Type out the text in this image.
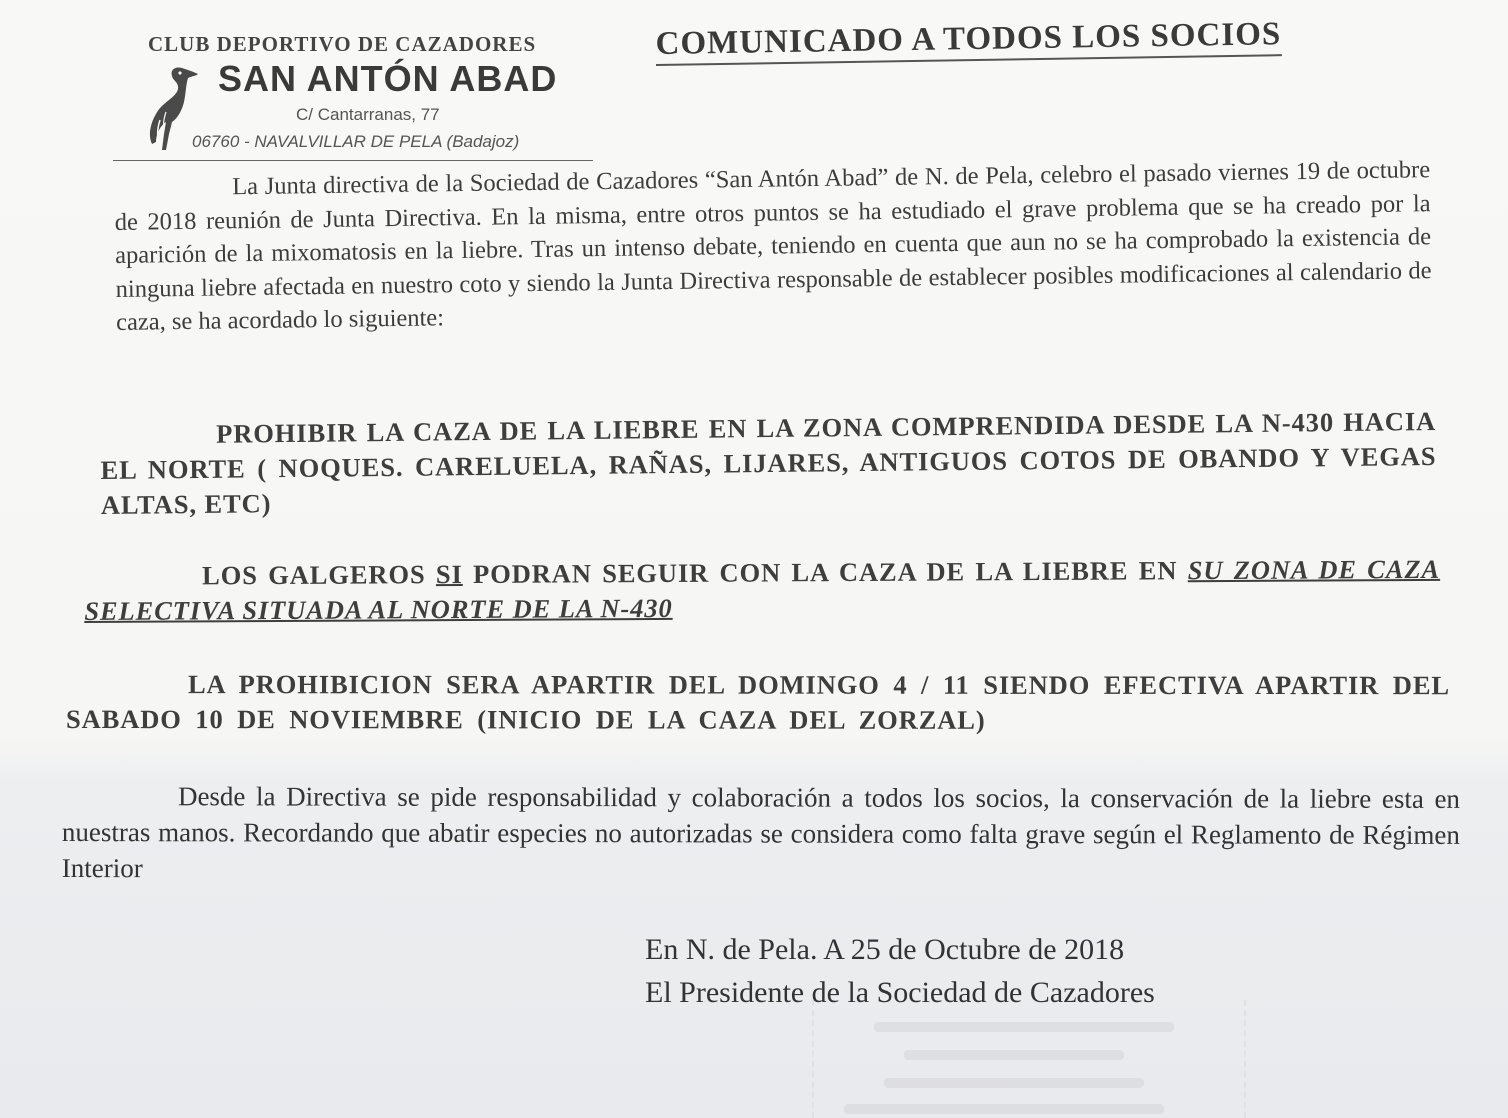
CLUB DEPORTIVO DE CAZADORES
SAN ANTÓN ABAD
C/ Cantarranas, 77
06760 - NAVALVILLAR DE PELA (Badajoz)
COMUNICADO A TODOS LOS SOCIOS
La Junta directiva de la Sociedad de Cazadores “San Antón Abad” de N. de Pela, celebro el pasado viernes 19 de octubre de 2018 reunión de Junta Directiva. En la misma, entre otros puntos se ha estudiado el grave problema que se ha creado por la aparición de la mixomatosis en la liebre. Tras un intenso debate, teniendo en cuenta que aun no se ha comprobado la existencia de ninguna liebre afectada en nuestro coto y siendo la Junta Directiva responsable de establecer posibles modificaciones al calendario de caza, se ha acordado lo siguiente:
PROHIBIR LA CAZA DE LA LIEBRE EN LA ZONA COMPRENDIDA DESDE LA N-430 HACIA EL NORTE ( NOQUES. CARELUELA, RAÑAS, LIJARES, ANTIGUOS COTOS DE OBANDO Y VEGAS ALTAS, ETC)
LOS GALGEROS SI PODRAN SEGUIR CON LA CAZA DE LA LIEBRE EN SU ZONA DE CAZA SELECTIVA SITUADA AL NORTE DE LA N-430
LA PROHIBICION SERA APARTIR DEL DOMINGO 4 / 11 SIENDO EFECTIVA APARTIR DEL SABADO 10 DE NOVIEMBRE (INICIO DE LA CAZA DEL ZORZAL)
Desde la Directiva se pide responsabilidad y colaboración a todos los socios, la conservación de la liebre esta en nuestras manos. Recordando que abatir especies no autorizadas se considera como falta grave según el Reglamento de Régimen Interior
En N. de Pela. A 25 de Octubre de 2018
El Presidente de la Sociedad de Cazadores
